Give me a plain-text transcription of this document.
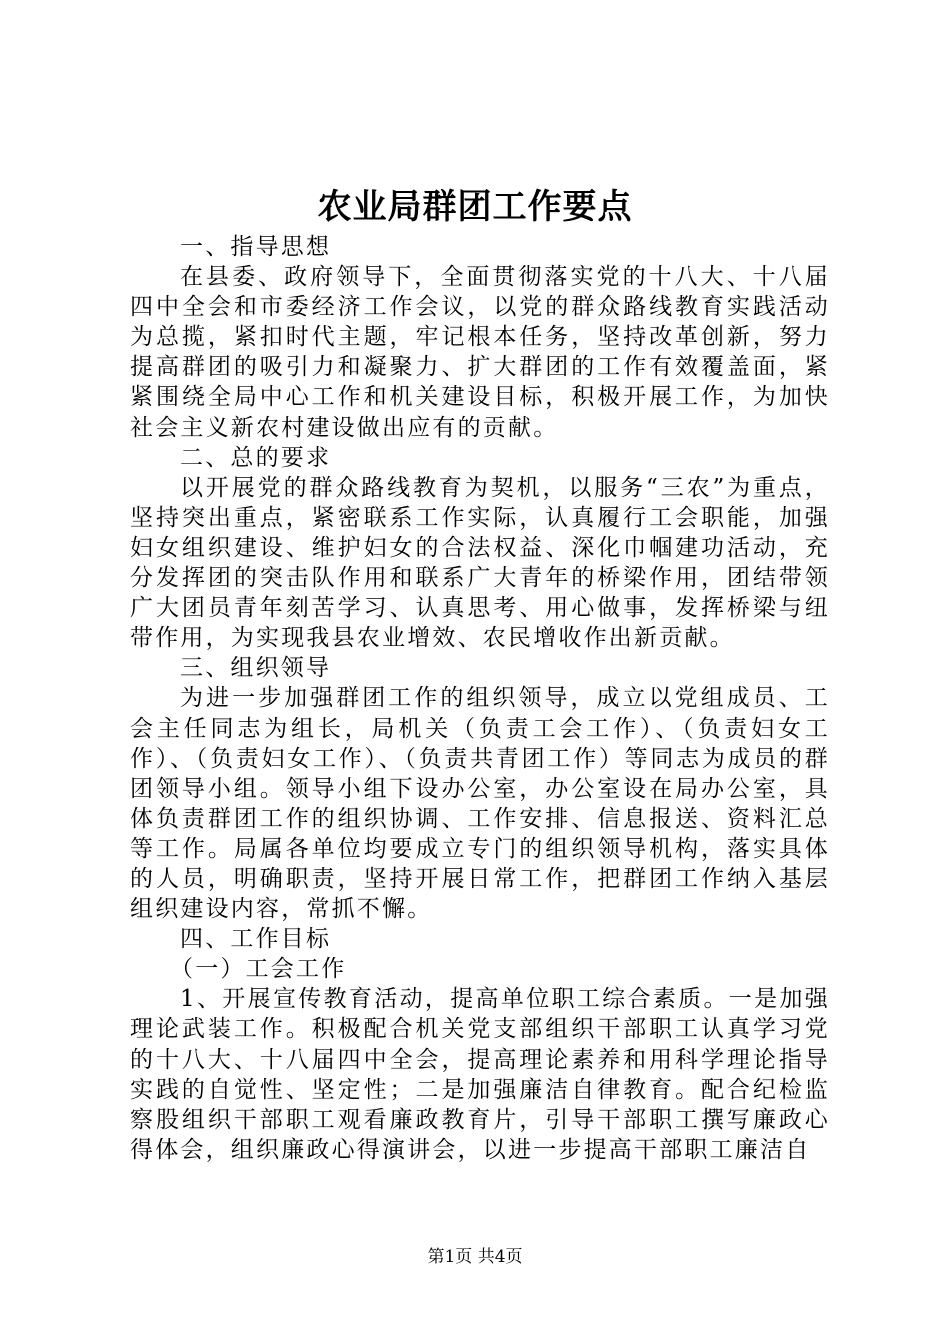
农业局群团工作要点

一、指导思想

在县委、政府领导下，全面贯彻落实党的十八大、十八届四中全会和市委经济工作会议，以党的群众路线教育实践活动为总揽，紧扣时代主题，牢记根本任务，坚持改革创新，努力提高群团的吸引力和凝聚力、扩大群团的工作有效覆盖面，紧紧围绕全局中心工作和机关建设目标，积极开展工作，为加快社会主义新农村建设做出应有的贡献。

二、总的要求

以开展党的群众路线教育为契机，以服务“三农”为重点，坚持突出重点，紧密联系工作实际，认真履行工会职能，加强妇女组织建设、维护妇女的合法权益、深化巾帼建功活动，充分发挥团的突击队作用和联系广大青年的桥梁作用，团结带领广大团员青年刻苦学习、认真思考、用心做事，发挥桥梁与纽带作用，为实现我县农业增效、农民增收作出新贡献。

三、组织领导

为进一步加强群团工作的组织领导，成立以党组成员、工会主任同志为组长，局机关（负责工会工作）、（负责妇女工作）、（负责妇女工作）、（负责共青团工作）等同志为成员的群团领导小组。领导小组下设办公室，办公室设在局办公室，具体负责群团工作的组织协调、工作安排、信息报送、资料汇总等工作。局属各单位均要成立专门的组织领导机构，落实具体的人员，明确职责，坚持开展日常工作，把群团工作纳入基层组织建设内容，常抓不懈。

四、工作目标

（一）工会工作

1、开展宣传教育活动，提高单位职工综合素质。一是加强理论武装工作。积极配合机关党支部组织干部职工认真学习党的十八大、十八届四中全会，提高理论素养和用科学理论指导实践的自觉性、坚定性；二是加强廉洁自律教育。配合纪检监察股组织干部职工观看廉政教育片，引导干部职工撰写廉政心得体会，组织廉政心得演讲会，以进一步提高干部职工廉洁自

第1页 共4页
